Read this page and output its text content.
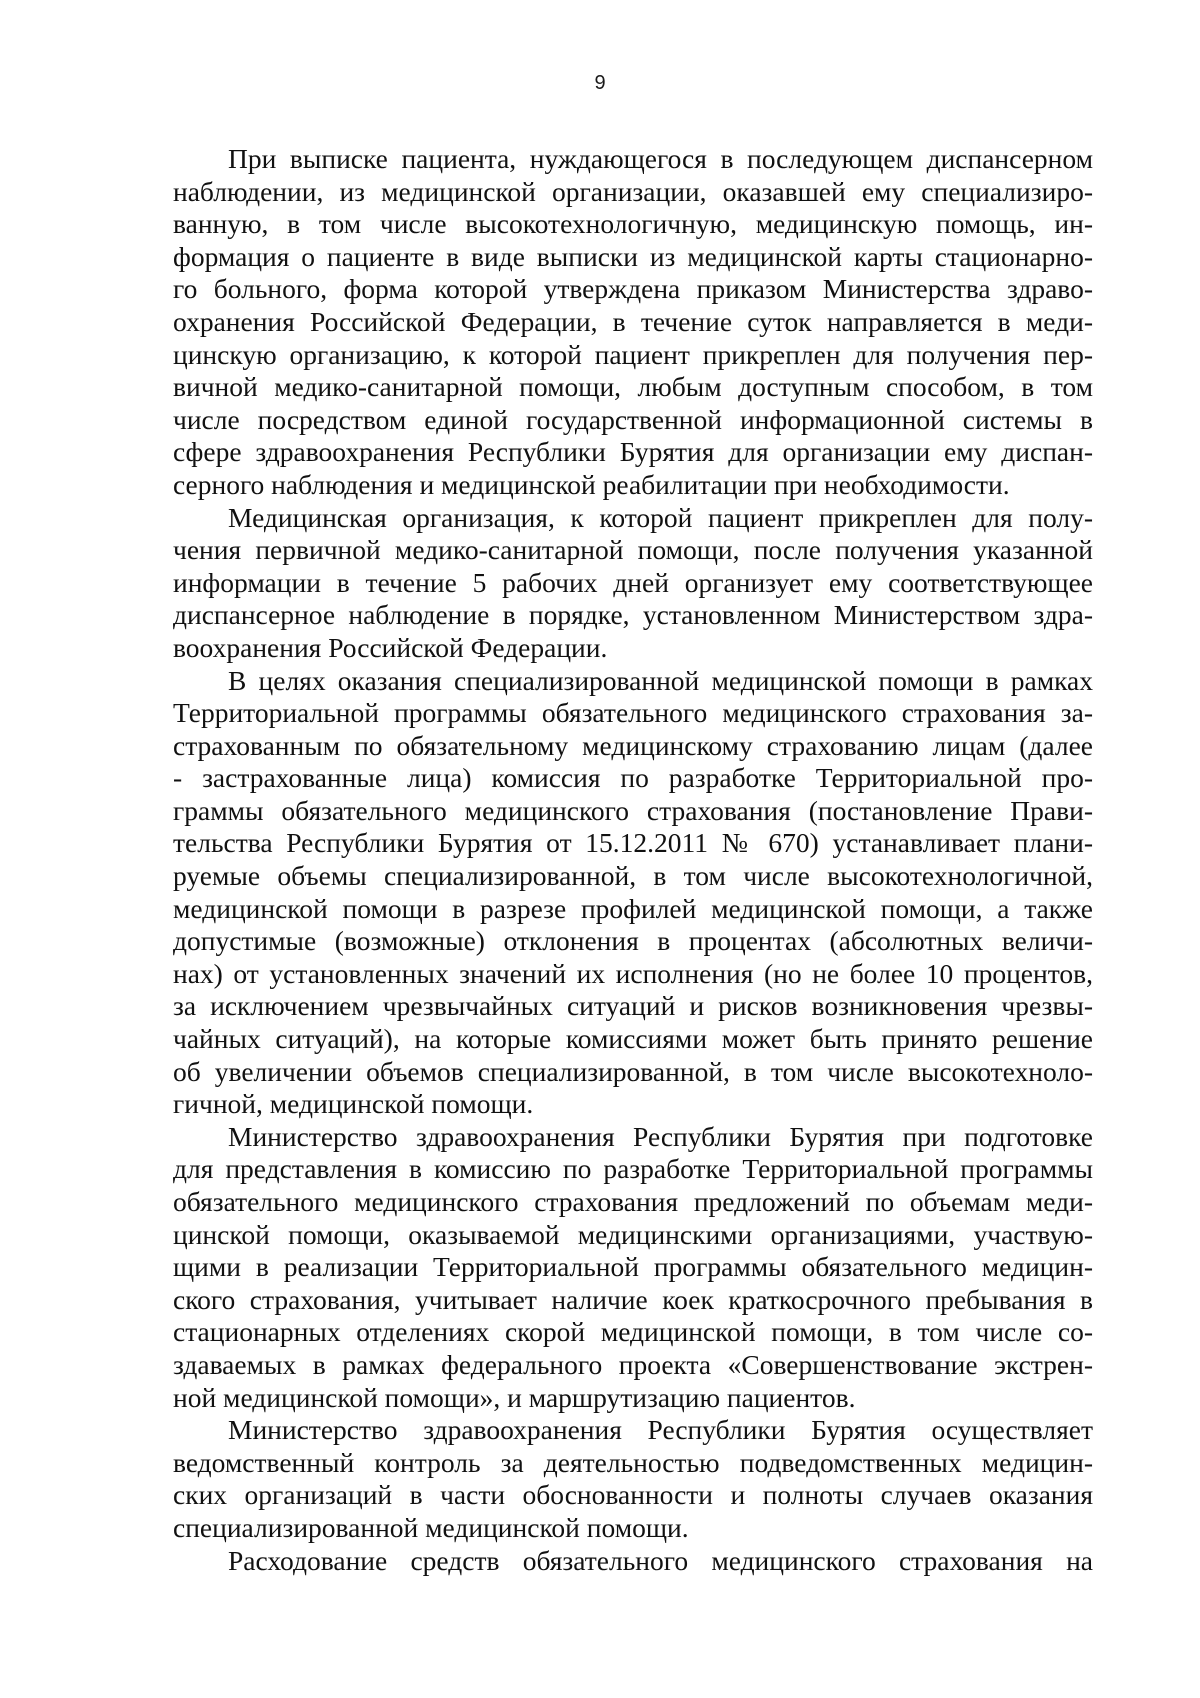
9
При выписке пациента, нуждающегося в последующем диспансерном
наблюдении, из медицинской организации, оказавшей ему специализиро-
ванную, в том числе высокотехнологичную, медицинскую помощь, ин-
формация о пациенте в виде выписки из медицинской карты стационарно-
го больного, форма которой утверждена приказом Министерства здраво-
охранения Российской Федерации, в течение суток направляется в меди-
цинскую организацию, к которой пациент прикреплен для получения пер-
вичной медико-санитарной помощи, любым доступным способом, в том
числе посредством единой государственной информационной системы в
сфере здравоохранения Республики Бурятия для организации ему диспан-
серного наблюдения и медицинской реабилитации при необходимости.
Медицинская организация, к которой пациент прикреплен для полу-
чения первичной медико-санитарной помощи, после получения указанной
информации в течение 5 рабочих дней организует ему соответствующее
диспансерное наблюдение в порядке, установленном Министерством здра-
воохранения Российской Федерации.
В целях оказания специализированной медицинской помощи в рамках
Территориальной программы обязательного медицинского страхования за-
страхованным по обязательному медицинскому страхованию лицам (далее
- застрахованные лица) комиссия по разработке Территориальной про-
граммы обязательного медицинского страхования (постановление Прави-
тельства Республики Бурятия от 15.12.2011 № 670) устанавливает плани-
руемые объемы специализированной, в том числе высокотехнологичной,
медицинской помощи в разрезе профилей медицинской помощи, а также
допустимые (возможные) отклонения в процентах (абсолютных величи-
нах) от установленных значений их исполнения (но не более 10 процентов,
за исключением чрезвычайных ситуаций и рисков возникновения чрезвы-
чайных ситуаций), на которые комиссиями может быть принято решение
об увеличении объемов специализированной, в том числе высокотехноло-
гичной, медицинской помощи.
Министерство здравоохранения Республики Бурятия при подготовке
для представления в комиссию по разработке Территориальной программы
обязательного медицинского страхования предложений по объемам меди-
цинской помощи, оказываемой медицинскими организациями, участвую-
щими в реализации Территориальной программы обязательного медицин-
ского страхования, учитывает наличие коек краткосрочного пребывания в
стационарных отделениях скорой медицинской помощи, в том числе со-
здаваемых в рамках федерального проекта «Совершенствование экстрен-
ной медицинской помощи», и маршрутизацию пациентов.
Министерство здравоохранения Республики Бурятия осуществляет
ведомственный контроль за деятельностью подведомственных медицин-
ских организаций в части обоснованности и полноты случаев оказания
специализированной медицинской помощи.
Расходование средств обязательного медицинского страхования на
